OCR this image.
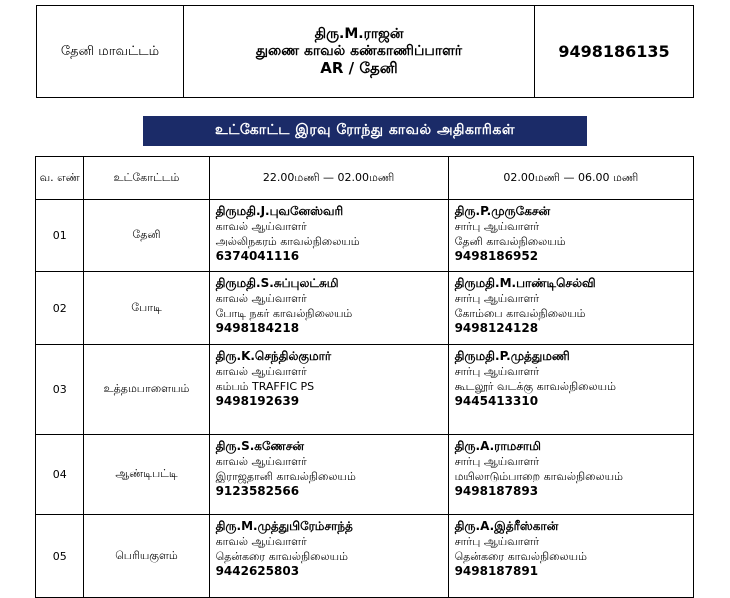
தேனி மாவட்டம்	
திரு.M.ராஜன்
துணை காவல் கண்காணிப்பாளர்
AR / தேனி
	9498186135
உட்கோட்ட இரவு ரோந்து காவல் அதிகாரிகள்
வ. எண்	உட்கோட்டம்	22.00மணி — 02.00மணி	02.00மணி — 06.00 மணி
01	தேனி	திருமதி.J.புவனேஸ்வரி
காவல் ஆய்வாளர்
அல்லிநகரம் காவல்நிலையம்
6374041116	திரு.P.முருகேசன்
சார்பு ஆய்வாளர்
தேனி காவல்நிலையம்
9498186952

02	போடி	திருமதி.S.சுப்புலட்சுமி
காவல் ஆய்வாளர்
போடி நகர் காவல்நிலையம்
9498184218	திருமதி.M.பாண்டிசெல்வி
சார்பு ஆய்வாளர்
கோம்பை காவல்நிலையம்
9498124128

03	உத்தமபாளையம்	திரு.K.செந்தில்குமார்
காவல் ஆய்வாளர்
கம்பம் TRAFFIC PS
9498192639	திருமதி.P.முத்துமணி
சார்பு ஆய்வாளர்
கூடலூர் வடக்கு காவல்நிலையம்
9445413310

04	ஆண்டிபட்டி	திரு.S.கணேசன்
காவல் ஆய்வாளர்
இராஜதானி காவல்நிலையம்
9123582566	திரு.A.ராமசாமி
சார்பு ஆய்வாளர்
மயிலாடும்பாறை காவல்நிலையம்
9498187893

05	பெரியகுளம்	திரு.M.முத்துபிரேம்சாந்த்
காவல் ஆய்வாளர்
தென்கரை காவல்நிலையம்
9442625803	திரு.A.இத்ரீஸ்கான்
சார்பு ஆய்வாளர்
தென்கரை காவல்நிலையம்
9498187891
